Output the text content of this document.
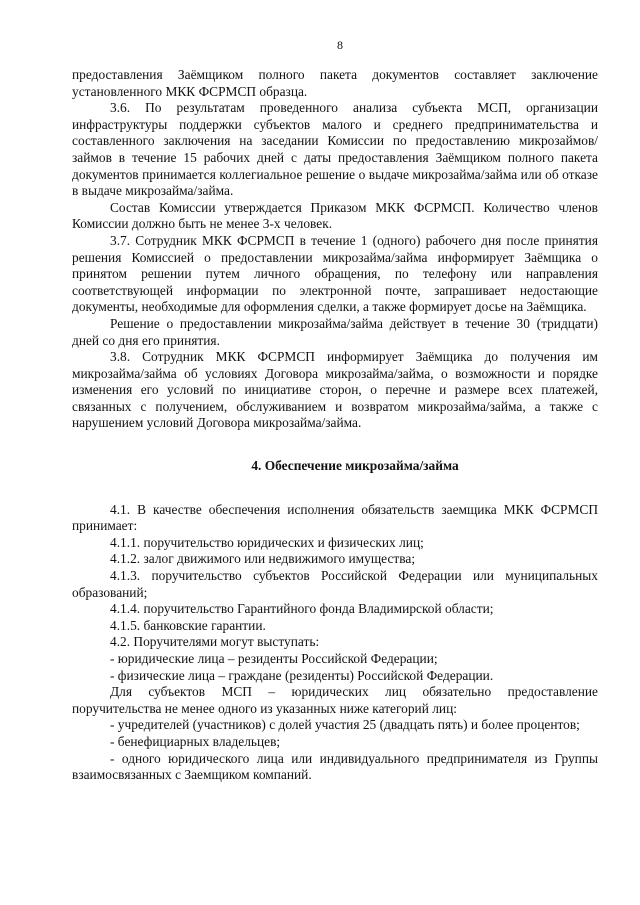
8

предоставления Заёмщиком полного пакета документов составляет заключение установленного МКК ФСРМСП образца.

3.6. По результатам проведенного анализа субъекта МСП, организации инфраструктуры поддержки субъектов малого и среднего предпринимательства и составленного заключения на заседании Комиссии по предоставлению микрозаймов/займов в течение 15 рабочих дней с даты предоставления Заёмщиком полного пакета документов принимается коллегиальное решение о выдаче микрозайма/займа или об отказе в выдаче микрозайма/займа.

Состав Комиссии утверждается Приказом МКК ФСРМСП. Количество членов Комиссии должно быть не менее 3-х человек.

3.7. Сотрудник МКК ФСРМСП в течение 1 (одного) рабочего дня после принятия решения Комиссией о предоставлении микрозайма/займа информирует Заёмщика о принятом решении путем личного обращения, по телефону или направления соответствующей информации по электронной почте, запрашивает недостающие документы, необходимые для оформления сделки, а также формирует досье на Заёмщика.

Решение о предоставлении микрозайма/займа действует в течение 30 (тридцати) дней со дня его принятия.

3.8. Сотрудник МКК ФСРМСП информирует Заёмщика до получения им микрозайма/займа об условиях Договора микрозайма/займа, о возможности и порядке изменения его условий по инициативе сторон, о перечне и размере всех платежей, связанных с получением, обслуживанием и возвратом микрозайма/займа, а также с нарушением условий Договора микрозайма/займа.

4. Обеспечение микрозайма/займа

4.1. В качестве обеспечения исполнения обязательств заемщика МКК ФСРМСП принимает:

4.1.1. поручительство юридических и физических лиц;

4.1.2. залог движимого или недвижимого имущества;

4.1.3. поручительство субъектов Российской Федерации или муниципальных образований;

4.1.4. поручительство Гарантийного фонда Владимирской области;

4.1.5. банковские гарантии.

4.2. Поручителями могут выступать:

- юридические лица – резиденты Российской Федерации;

- физические лица – граждане (резиденты) Российской Федерации.

Для субъектов МСП – юридических лиц обязательно предоставление поручительства не менее одного из указанных ниже категорий лиц:

- учредителей (участников) с долей участия 25 (двадцать пять) и более процентов;

- бенефициарных владельцев;

- одного юридического лица или индивидуального предпринимателя из Группы взаимосвязанных с Заемщиком компаний.
